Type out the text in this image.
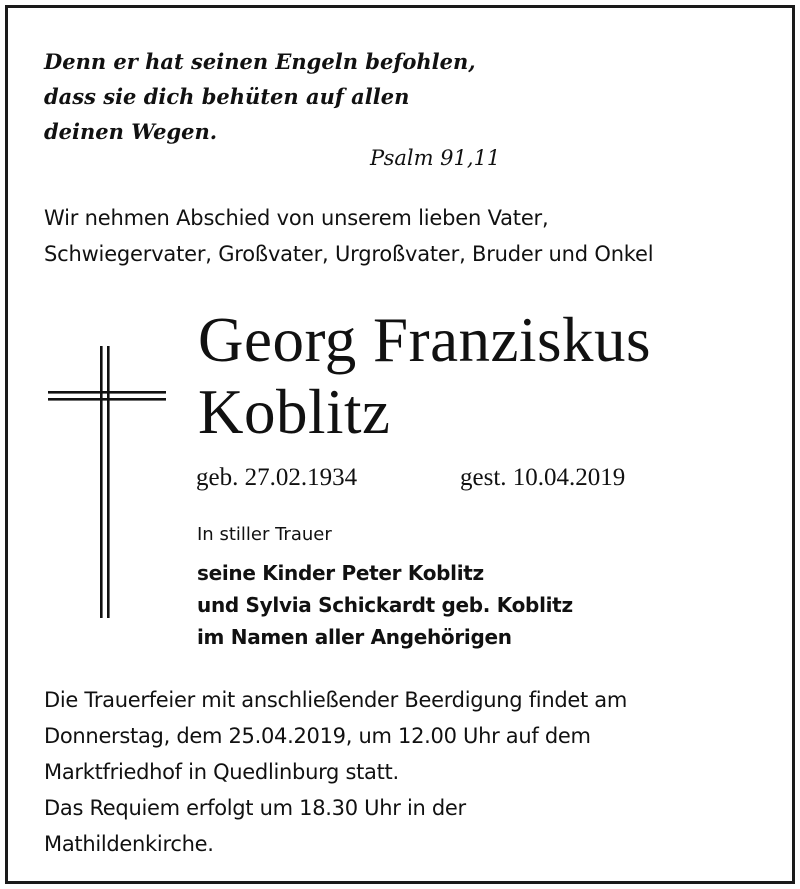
Denn er hat seinen Engeln befohlen,
dass sie dich behüten auf allen
deinen Wegen.
Psalm 91,11
Wir nehmen Abschied von unserem lieben Vater,
Schwiegervater, Großvater, Urgroßvater, Bruder und Onkel
Georg Franziskus
Koblitz
geb. 27.02.1934	gest. 10.04.2019
In stiller Trauer
seine Kinder Peter Koblitz
und Sylvia Schickardt geb. Koblitz
im Namen aller Angehörigen
Die Trauerfeier mit anschließender Beerdigung findet am
Donnerstag, dem 25.04.2019, um 12.00 Uhr auf dem
Marktfriedhof in Quedlinburg statt.
Das Requiem erfolgt um 18.30 Uhr in der
Mathildenkirche.
